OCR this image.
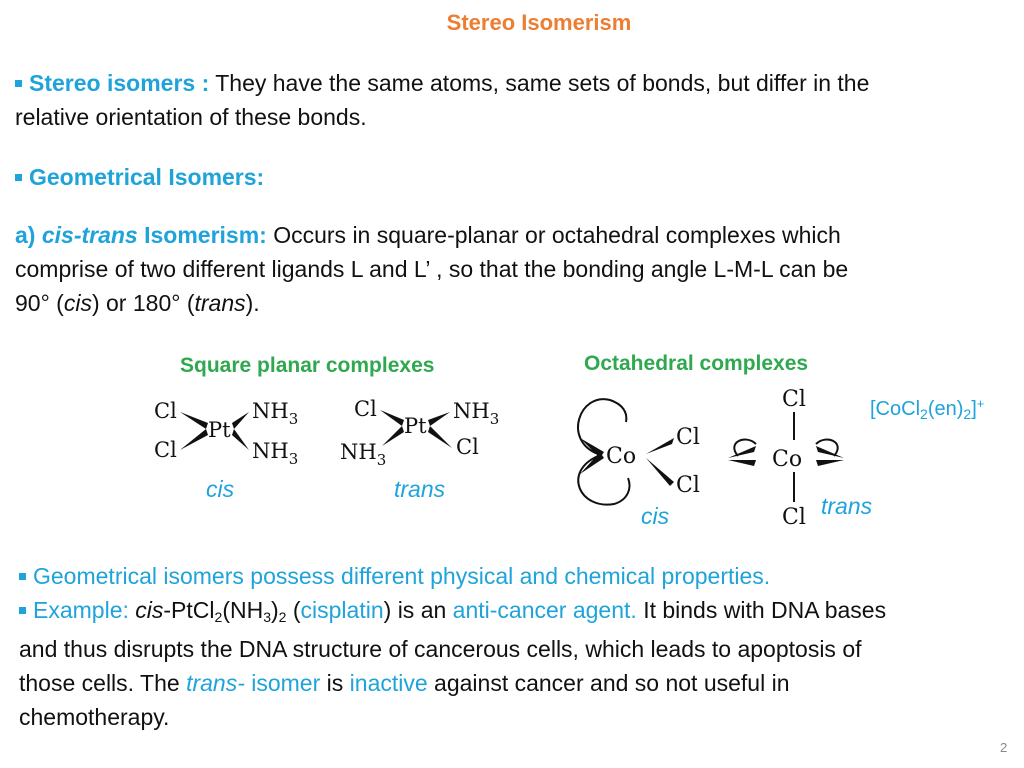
Stereo Isomerism
Stereo isomers : They have the same atoms, same sets of bonds, but differ in the
relative orientation of these bonds.
Geometrical Isomers:
a) cis-trans Isomerism: Occurs in square-planar or octahedral complexes which
comprise of two different ligands L and L’ , so that the bonding angle L-M-L can be
90° (cis) or 180° (trans).
Square planar complexes	Octahedral complexes
$[CoCl_2(en)_2]^+$
Cl
Cl
Pt
$NH_3$
$NH_3$
Cl
$NH_3$
Pt
$NH_3$
Cl	Co
Cl
Cl
Cl
Co
Cl
cis	trans
cis	trans
Geometrical isomers possess different physical and chemical properties.
Example: cis-$PtCl_2(NH_3)_2$ (cisplatin) is an anti-cancer agent. It binds with DNA bases
and thus disrupts the DNA structure of cancerous cells, which leads to apoptosis of
those cells. The trans- isomer is inactive against cancer and so not useful in
chemotherapy.
2
